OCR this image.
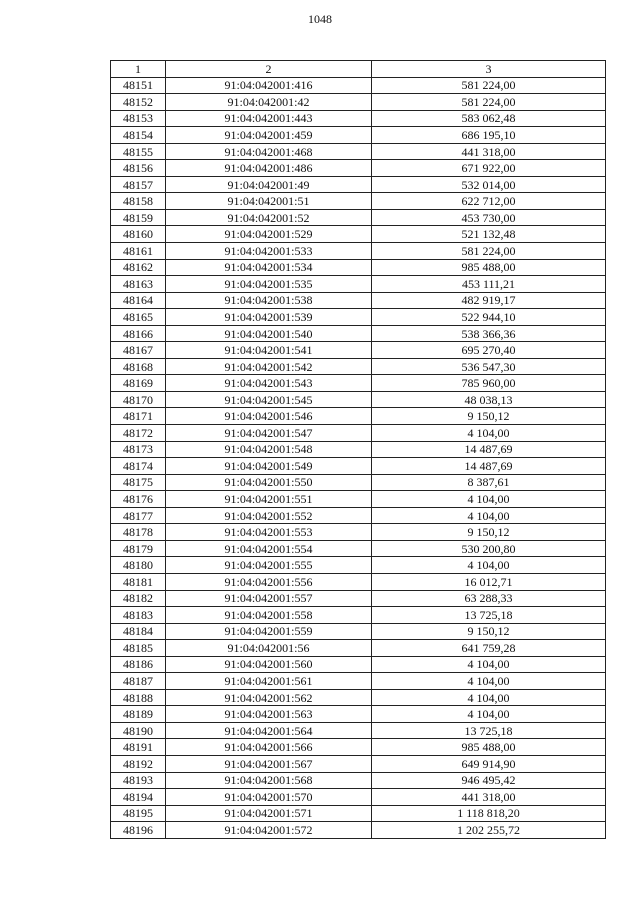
1048
1	2	3
48151	91:04:042001:416	581 224,00
48152	91:04:042001:42	581 224,00
48153	91:04:042001:443	583 062,48
48154	91:04:042001:459	686 195,10
48155	91:04:042001:468	441 318,00
48156	91:04:042001:486	671 922,00
48157	91:04:042001:49	532 014,00
48158	91:04:042001:51	622 712,00
48159	91:04:042001:52	453 730,00
48160	91:04:042001:529	521 132,48
48161	91:04:042001:533	581 224,00
48162	91:04:042001:534	985 488,00
48163	91:04:042001:535	453 111,21
48164	91:04:042001:538	482 919,17
48165	91:04:042001:539	522 944,10
48166	91:04:042001:540	538 366,36
48167	91:04:042001:541	695 270,40
48168	91:04:042001:542	536 547,30
48169	91:04:042001:543	785 960,00
48170	91:04:042001:545	48 038,13
48171	91:04:042001:546	9 150,12
48172	91:04:042001:547	4 104,00
48173	91:04:042001:548	14 487,69
48174	91:04:042001:549	14 487,69
48175	91:04:042001:550	8 387,61
48176	91:04:042001:551	4 104,00
48177	91:04:042001:552	4 104,00
48178	91:04:042001:553	9 150,12
48179	91:04:042001:554	530 200,80
48180	91:04:042001:555	4 104,00
48181	91:04:042001:556	16 012,71
48182	91:04:042001:557	63 288,33
48183	91:04:042001:558	13 725,18
48184	91:04:042001:559	9 150,12
48185	91:04:042001:56	641 759,28
48186	91:04:042001:560	4 104,00
48187	91:04:042001:561	4 104,00
48188	91:04:042001:562	4 104,00
48189	91:04:042001:563	4 104,00
48190	91:04:042001:564	13 725,18
48191	91:04:042001:566	985 488,00
48192	91:04:042001:567	649 914,90
48193	91:04:042001:568	946 495,42
48194	91:04:042001:570	441 318,00
48195	91:04:042001:571	1 118 818,20
48196	91:04:042001:572	1 202 255,72
